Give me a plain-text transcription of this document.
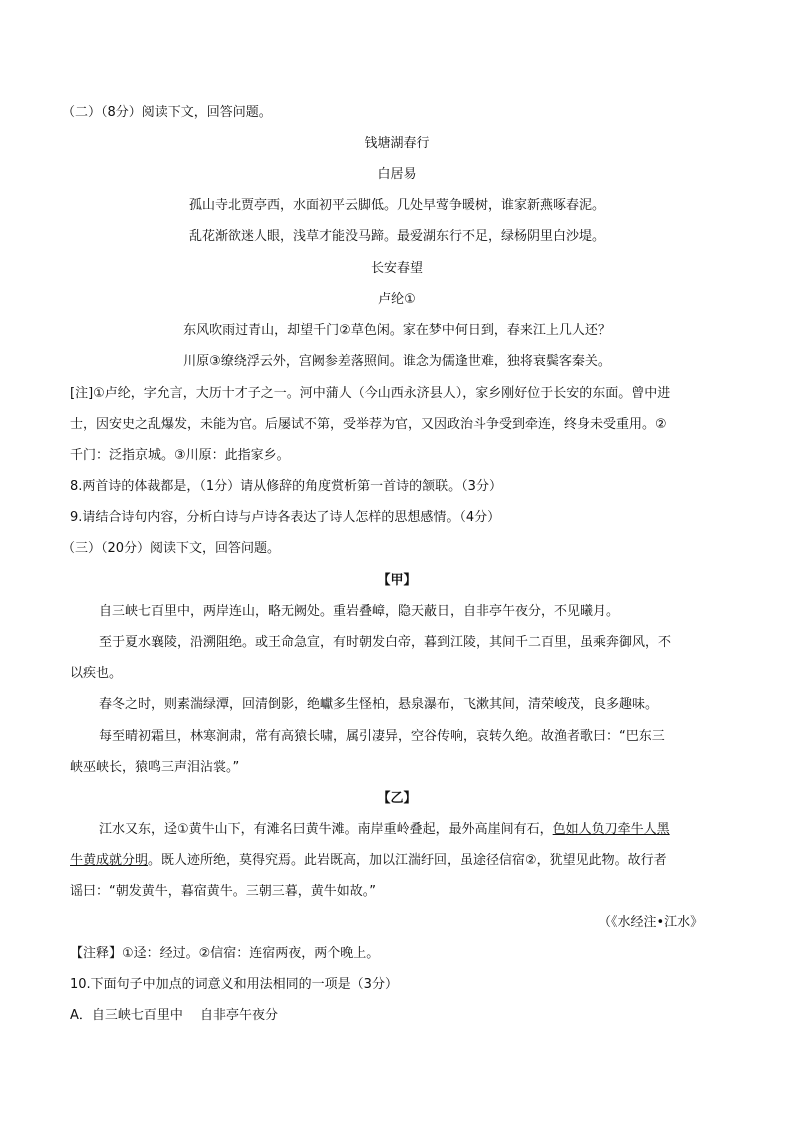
（二）（8分）阅读下文，回答问题。
钱塘湖春行
白居易
孤山寺北贾亭西，水面初平云脚低。几处早莺争暖树，谁家新燕啄春泥。
乱花渐欲迷人眼，浅草才能没马蹄。最爱湖东行不足，绿杨阴里白沙堤。
长安春望
卢纶①
东风吹雨过青山，却望千门②草色闲。家在梦中何日到，春来江上几人还？
川原③缭绕浮云外，宫阙参差落照间。谁念为儒逢世难，独将衰鬓客秦关。
[注]①卢纶，字允言，大历十才子之一。河中蒲人（今山西永济县人），家乡刚好位于长安的东面。曾中进
士，因安史之乱爆发，未能为官。后屡试不第，受举荐为官，又因政治斗争受到牵连，终身未受重用。②
千门：泛指京城。③川原：此指家乡。
8.两首诗的体裁都是，（1分）请从修辞的角度赏析第一首诗的颔联。（3分）
9.请结合诗句内容，分析白诗与卢诗各表达了诗人怎样的思想感情。（4分）
（三）（20分）阅读下文，回答问题。
【甲】
自三峡七百里中，两岸连山，略无阙处。重岩叠嶂，隐天蔽日，自非亭午夜分，不见曦月。
至于夏水襄陵，沿溯阻绝。或王命急宣，有时朝发白帝，暮到江陵，其间千二百里，虽乘奔御风，不
以疾也。
春冬之时，则素湍绿潭，回清倒影，绝巘多生怪柏，悬泉瀑布，飞漱其间，清荣峻茂，良多趣味。
每至晴初霜旦，林寒涧肃，常有高猿长啸，属引凄异，空谷传响，哀转久绝。故渔者歌曰：“巴东三
峡巫峡长，猿鸣三声泪沾裳。”
【乙】
江水又东，迳①黄牛山下，有滩名曰黄牛滩。南岸重岭叠起，最外高崖间有石，色如人负刀牵牛人黑
牛黄成就分明。既人迹所绝，莫得究焉。此岩既高，加以江湍纡回，虽途径信宿②，犹望见此物。故行者
谣曰：“朝发黄牛，暮宿黄牛。三朝三暮，黄牛如故。”
（《水经注•江水》
【注释】①迳：经过。②信宿：连宿两夜，两个晚上。
10.下面句子中加点的词意义和用法相同的一项是（3分）
A．自三峡七百里中　 自非亭午夜分
